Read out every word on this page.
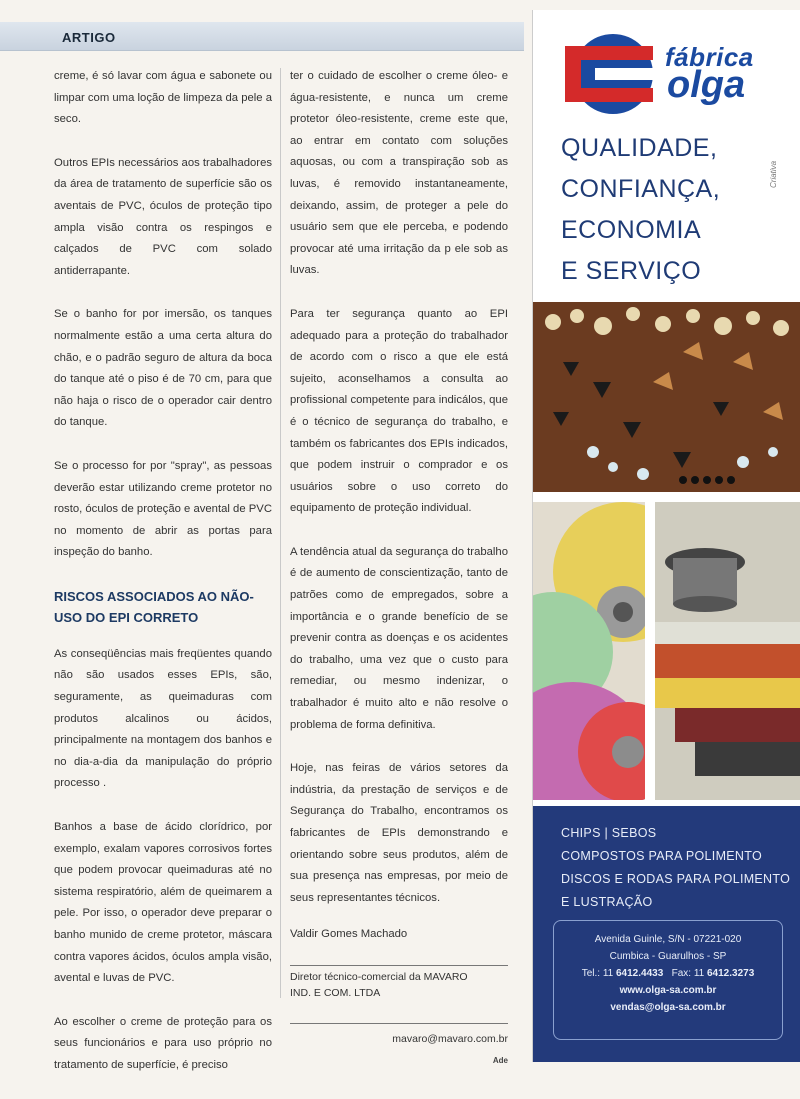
ARTIGO

creme, é só lavar com água e sabonete ou limpar com uma loção de limpeza da pele a seco.

Outros EPIs necessários aos trabalhadores da área de tratamento de superfície são os aventais de PVC, óculos de proteção tipo ampla visão contra os respingos e calçados de PVC com solado antiderrapante.

Se o banho for por imersão, os tanques normalmente estão a uma certa altura do chão, e o padrão seguro de altura da boca do tanque até o piso é de 70 cm, para que não haja o risco de o operador cair dentro do tanque.

Se o processo for por "spray", as pessoas deverão estar utilizando creme protetor no rosto, óculos de proteção e avental de PVC no momento de abrir as portas para inspeção do banho.

RISCOS ASSOCIADOS AO NÃO-USO DO EPI CORRETO

As conseqüências mais freqüentes quando não são usados esses EPIs, são, seguramente, as queimaduras com produtos alcalinos ou ácidos, principalmente na montagem dos banhos e no dia-a-dia da manipulação do próprio processo .

Banhos a base de ácido clorídrico, por exemplo, exalam vapores corrosivos fortes que podem provocar queimaduras até no sistema respiratório, além de queimarem a pele. Por isso, o operador deve preparar o banho munido de creme protetor, máscara contra vapores ácidos, óculos ampla visão, avental e luvas de PVC.

Ao escolher o creme de proteção para os seus funcionários e para uso próprio no tratamento de superfície, é preciso

ter o cuidado de escolher o creme óleo- e água-resistente, e nunca um creme protetor óleo-resistente, creme este que, ao entrar em contato com soluções aquosas, ou com a transpiração sob as luvas, é removido instantaneamente, deixando, assim, de proteger a pele do usuário sem que ele perceba, e podendo provocar até uma irritação da p ele sob as luvas.

Para ter segurança quanto ao EPI adequado para a proteção do trabalhador de acordo com o risco a que ele está sujeito, aconselhamos a consulta ao profissional competente para indicálos, que é o técnico de segurança do trabalho, e também os fabricantes dos EPIs indicados, que podem instruir o comprador e os usuários sobre o uso correto do equipamento de proteção individual.

A tendência atual da segurança do trabalho é de aumento de conscientização, tanto de patrões como de empregados, sobre a importância e o grande benefício de se prevenir contra as doenças e os acidentes do trabalho, uma vez que o custo para remediar, ou mesmo indenizar, o trabalhador é muito alto e não resolve o problema de forma definitiva.

Hoje, nas feiras de vários setores da indústria, da prestação de serviços e de Segurança do Trabalho, encontramos os fabricantes de EPIs demonstrando e orientando sobre seus produtos, além de sua presença nas empresas, por meio de seus representantes técnicos.

Valdir Gomes Machado

Diretor técnico-comercial da MAVARO
IND. E COM. LTDA

mavaro@mavaro.com.br
Ade
fábrica
olga
QUALIDADE,
CONFIANÇA,
ECONOMIA
E SERVIÇO
Criativa
CHIPS | SEBOS
COMPOSTOS PARA POLIMENTO
DISCOS E RODAS PARA POLIMENTO
E LUSTRAÇÃO
Avenida Guinle, S/N - 07221-020
Cumbica - Guarulhos - SP
Tel.: 11 6412.4433 Fax: 11 6412.3273
www.olga-sa.com.br
vendas@olga-sa.com.br
